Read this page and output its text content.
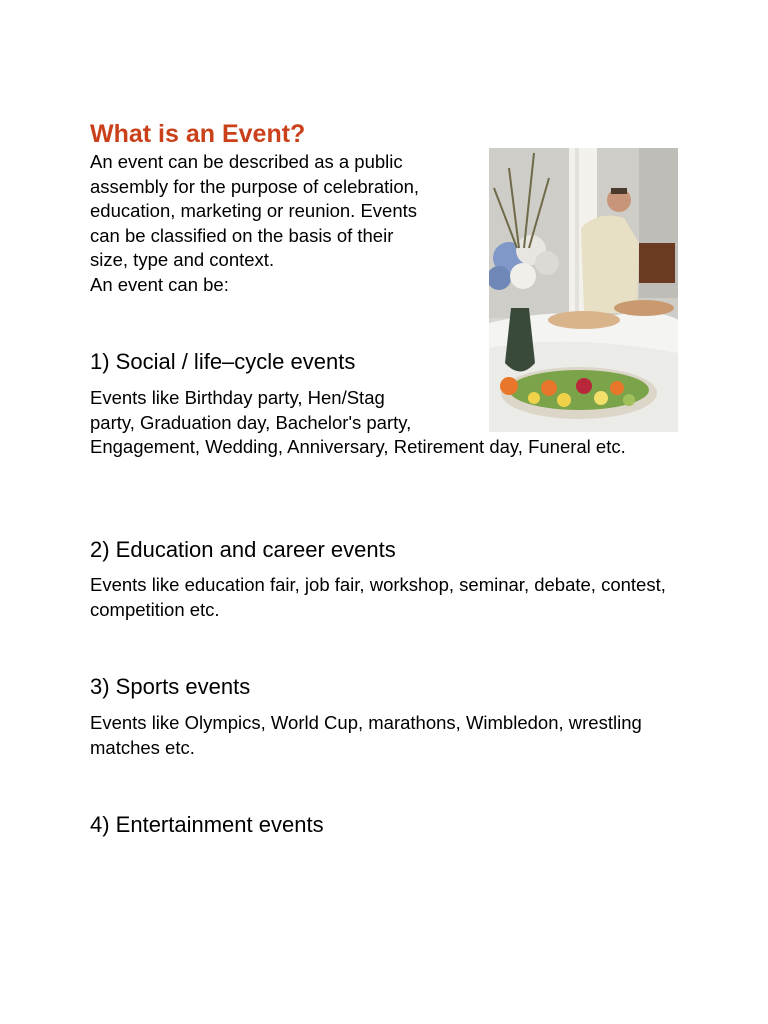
What is an Event?

An event can be described as a public

assembly for the purpose of celebration,

education, marketing or reunion. Events

can be classified on the basis of their

size, type and context.

An event can be:

1) Social / life–cycle events

Events like Birthday party, Hen/Stag

party, Graduation day, Bachelor's party,

Engagement, Wedding, Anniversary, Retirement day, Funeral etc.

2) Education and career events

Events like education fair, job fair, workshop, seminar, debate, contest, competition etc.

3) Sports events

Events like Olympics, World Cup, marathons, Wimbledon, wrestling matches etc.

4) Entertainment events
